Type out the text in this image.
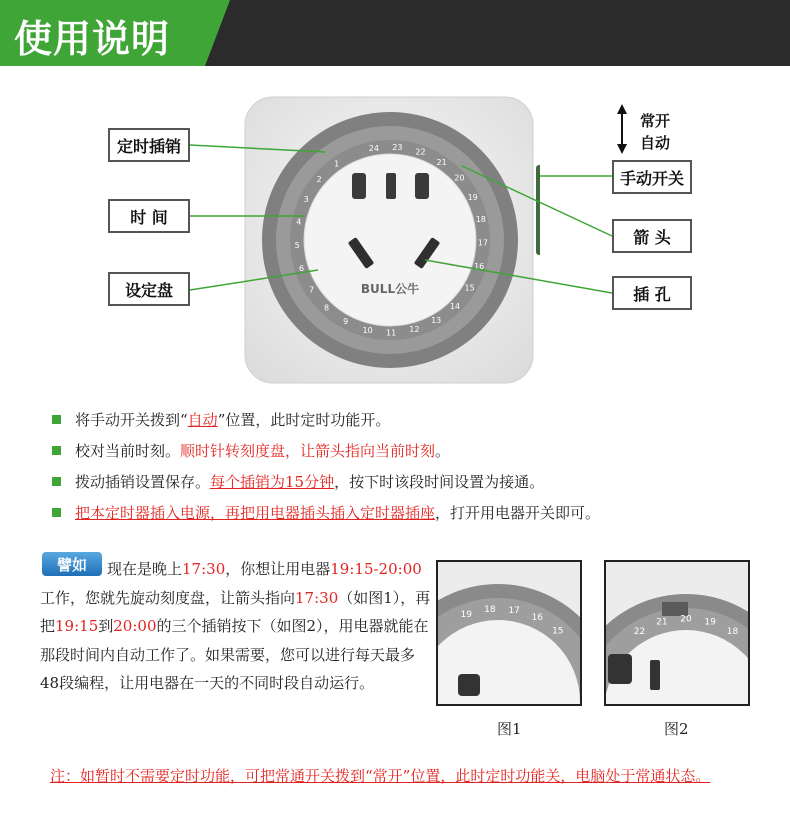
使用说明
24 23
22
21
20
19
18
17
16
15
14
13
12
11
10
9
8
7
6
5
4
3
2
1
BULL公牛
定时插销
时 间
设定盘
常开
自动
手动开关
箭 头
插 孔
将手动开关拨到“ 自动 ”位置，此时定时功能开。
校对当前时刻。 顺时针转刻度盘，让箭头指向当前时刻 。
拨动插销设置保存。 每个插销为15分钟 ，按下时该段时间设置为接通。
把本定时器插入电源，再把用电器插头插入定时器插座 ，打开用电器开关即可。
现在是晚上17:30，你想让用电器19:15-20:00工作，您就先旋动刻度盘，让箭头指向17:30（如图1），再把19:15到20:00的三个插销按下（如图2），用电器就能在那段时间内自动工作了。如果需要，您可以进行每天最多48段编程，让用电器在一天的不同时段自动运行。
譬如
19
18 17
16
15
图1
22
21 20 19
18
图2
注：如暂时不需要定时功能，可把常通开关拨到“常开”位置，此时定时功能关，电脑处于常通状态。
